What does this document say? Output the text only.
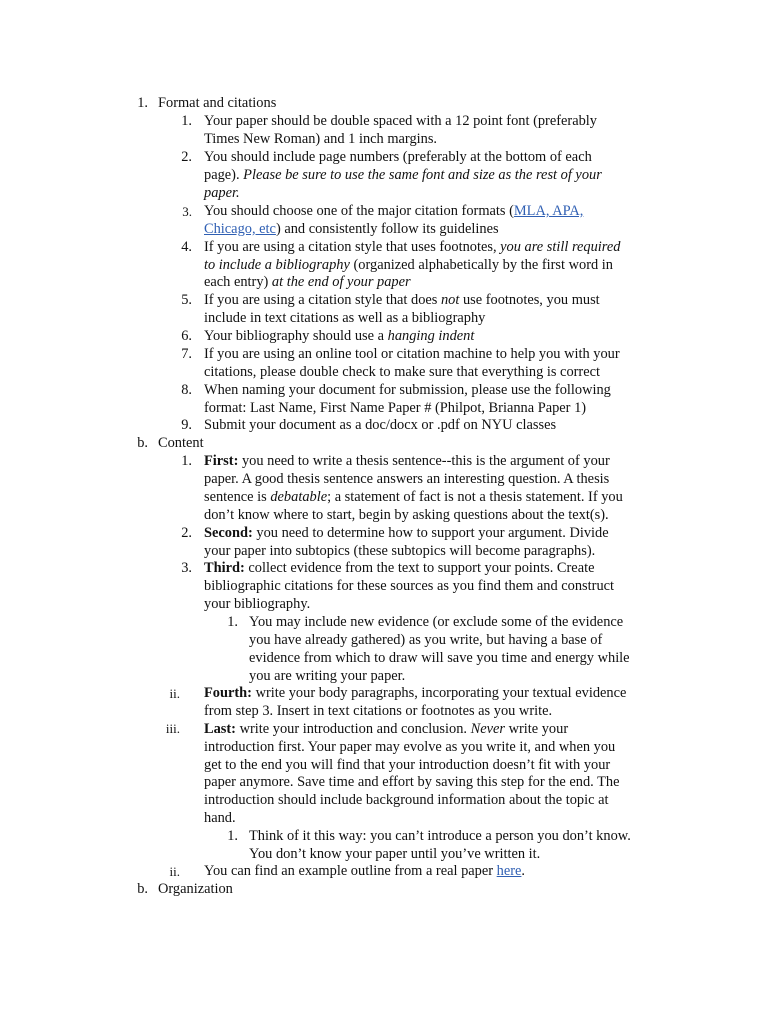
1. Format and citations
1. Your paper should be double spaced with a 12 point font (preferably
Times New Roman) and 1 inch margins.
2. You should include page numbers (preferably at the bottom of each
page). Please be sure to use the same font and size as the rest of your
paper.
3. You should choose one of the major citation formats (MLA, APA,
Chicago, etc) and consistently follow its guidelines
4. If you are using a citation style that uses footnotes, you are still required
to include a bibliography (organized alphabetically by the first word in
each entry) at the end of your paper
5. If you are using a citation style that does not use footnotes, you must
include in text citations as well as a bibliography
6. Your bibliography should use a hanging indent
7. If you are using an online tool or citation machine to help you with your
citations, please double check to make sure that everything is correct
8. When naming your document for submission, please use the following
format: Last Name, First Name Paper # (Philpot, Brianna Paper 1)
9. Submit your document as a doc/docx or .pdf on NYU classes
b. Content
1. First: you need to write a thesis sentence--this is the argument of your
paper. A good thesis sentence answers an interesting question. A thesis
sentence is debatable; a statement of fact is not a thesis statement. If you
don’t know where to start, begin by asking questions about the text(s).
2. Second: you need to determine how to support your argument. Divide
your paper into subtopics (these subtopics will become paragraphs).
3. Third: collect evidence from the text to support your points. Create
bibliographic citations for these sources as you find them and construct
your bibliography.
1. You may include new evidence (or exclude some of the evidence
you have already gathered) as you write, but having a base of
evidence from which to draw will save you time and energy while
you are writing your paper.
ii. Fourth: write your body paragraphs, incorporating your textual evidence
from step 3. Insert in text citations or footnotes as you write.
iii. Last: write your introduction and conclusion. Never write your
introduction first. Your paper may evolve as you write it, and when you
get to the end you will find that your introduction doesn’t fit with your
paper anymore. Save time and effort by saving this step for the end. The
introduction should include background information about the topic at
hand.
1. Think of it this way: you can’t introduce a person you don’t know.
You don’t know your paper until you’ve written it.
ii. You can find an example outline from a real paper here.
b. Organization
